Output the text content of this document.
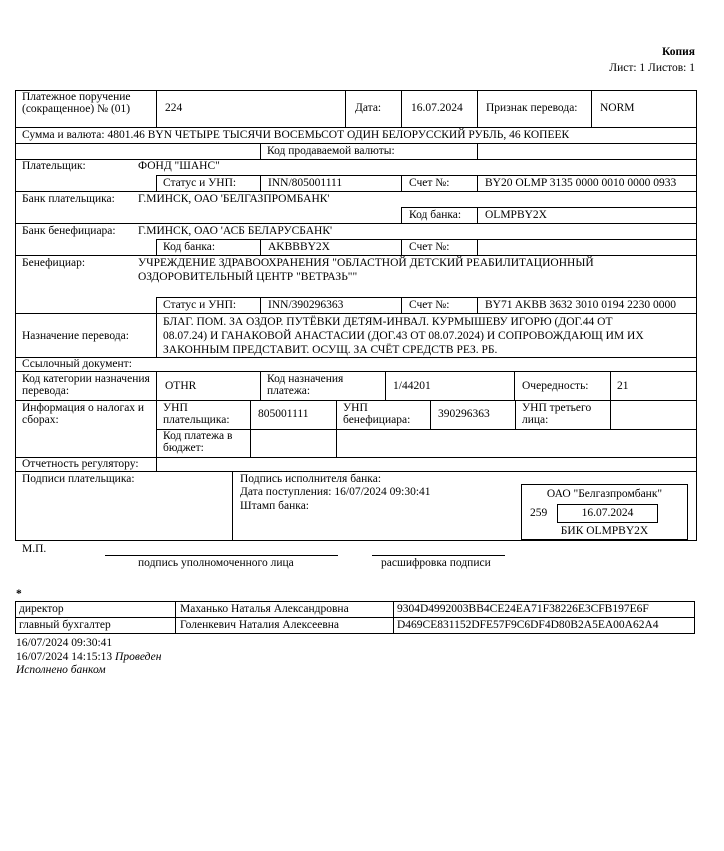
Копия
Лист: 1 Листов: 1
Платежное поручение (сокращенное) № (01)	224	Дата:	16.07.2024 Признак перевода: NORM
Сумма и валюта: 4801.46 BYN ЧЕТЫРЕ ТЫСЯЧИ ВОСЕМЬСОТ ОДИН БЕЛОРУССКИЙ РУБЛЬ, 46 КОПЕЕК
Код продаваемой валюты:
Плательщик:	ФОНД "ШАНС"
Статус и УНП:	INN/805001111	Счет №:	BY20 OLMP 3135 0000 0010 0000 0933
Банк плательщика: Г.МИНСК, ОАО 'БЕЛГАЗПРОМБАНК'
Код банка: OLMPBY2X
Банк бенефициара: Г.МИНСК, ОАО 'АСБ БЕЛАРУСБАНК'
Код банка:	AKBBBY2X	Счет №:
Бенефициар:	УЧРЕЖДЕНИЕ ЗДРАВООХРАНЕНИЯ "ОБЛАСТНОЙ ДЕТСКИЙ РЕАБИЛИТАЦИОННЫЙ
ОЗДОРОВИТЕЛЬНЫЙ ЦЕНТР "ВЕТРАЗЬ""
Статус и УНП:	INN/390296363	Счет №:	BY71 AKBB 3632 3010 0194 2230 0000
Назначение перевода:
БЛАГ. ПОМ. ЗА ОЗДОР. ПУТЁВКИ ДЕТЯМ-ИНВАЛ. КУРМЫШЕВУ ИГОРЮ (ДОГ.44 ОТ
08.07.24) И ГАНАКОВОЙ АНАСТАСИИ (ДОГ.43 ОТ 08.07.2024) И СОПРОВОЖДАЮЩ ИМ ИХ
ЗАКОННЫМ ПРЕДСТАВИТ. ОСУЩ. ЗА СЧЁТ СРЕДСТВ РЕЗ. РБ.
Ссылочный документ:
Код категории назначения перевода:	OTHR
Код назначения платежа:	1/44201	Очередность: 21
Информация о налогах и сборах:
УНП плательщика:	805001111	УНП бенефициара:	390296363	УНП третьего лица:
Код платежа в бюджет:
Отчетность регулятору:
Подписи плательщика:	Подпись исполнителя банка:
Дата поступления: 16/07/2024 09:30:41
Штамп банка:
ОАО "Белгазпромбанк"
259	16.07.2024
БИК OLMPBY2X
М.П.
подпись уполномоченного лица	расшифровка подписи
*
директор	Маханько Наталья Александровна	9304D4992003BB4CE24EA71F38226E3CFB197E6F
главный бухгалтер	Голенкевич Наталия Алексеевна	D469CE831152DFE57F9C6DF4D80B2A5EA00A62A4
16/07/2024 09:30:41
16/07/2024 14:15:13 Проведен
Исполнено банком
